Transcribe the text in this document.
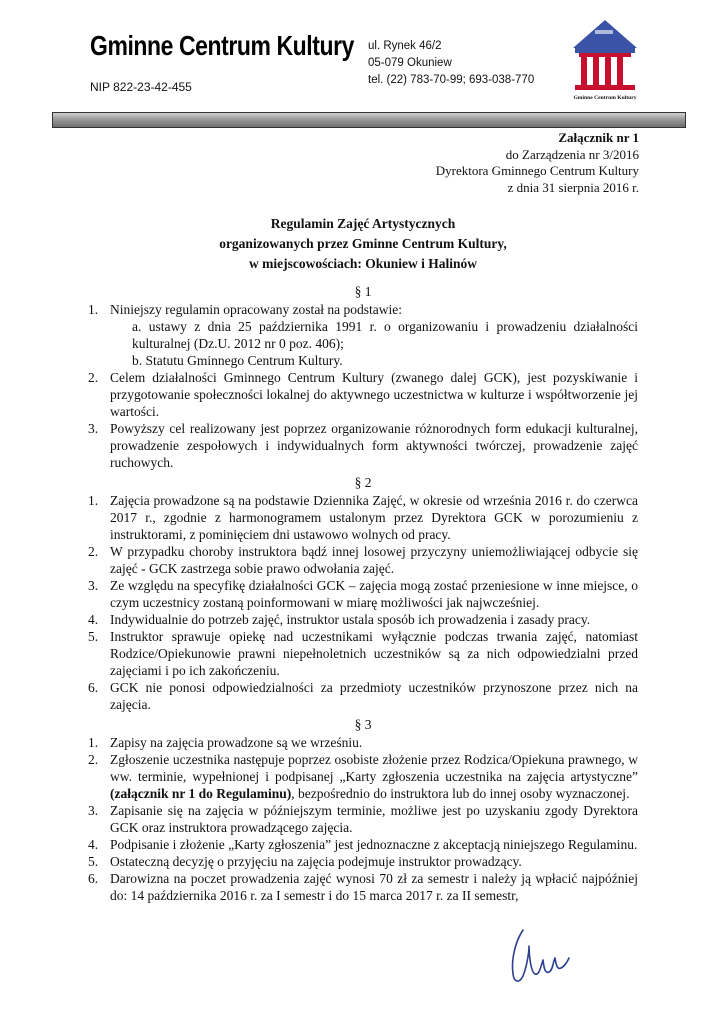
Gminne Centrum Kultury
NIP 822-23-42-455
ul. Rynek 46/2
05-079 Okuniew
tel. (22) 783-70-99; 693-038-770
Gminne Centrum Kultury
Załącznik nr 1
do Zarządzenia nr 3/2016
Dyrektora Gminnego Centrum Kultury
z dnia 31 sierpnia 2016 r.
Regulamin Zajęć Artystycznych
organizowanych przez Gminne Centrum Kultury,
w miejscowościach: Okuniew i Halinów
§ 1
1. Niniejszy regulamin opracowany został na podstawie:
a. ustawy z dnia 25 października 1991 r. o organizowaniu i prowadzeniu działalności kulturalnej (Dz.U. 2012 nr 0 poz. 406);
b. Statutu Gminnego Centrum Kultury.
2. Celem działalności Gminnego Centrum Kultury (zwanego dalej GCK), jest pozyskiwanie i przygotowanie społeczności lokalnej do aktywnego uczestnictwa w kulturze i współtworzenie jej wartości.
3. Powyższy cel realizowany jest poprzez organizowanie różnorodnych form edukacji kulturalnej, prowadzenie zespołowych i indywidualnych form aktywności twórczej, prowadzenie zajęć ruchowych.
§ 2
1. Zajęcia prowadzone są na podstawie Dziennika Zajęć, w okresie od września 2016 r. do czerwca 2017 r., zgodnie z harmonogramem ustalonym przez Dyrektora GCK w porozumieniu z instruktorami, z pominięciem dni ustawowo wolnych od pracy.
2. W przypadku choroby instruktora bądź innej losowej przyczyny uniemożliwiającej odbycie się zajęć - GCK zastrzega sobie prawo odwołania zajęć.
3. Ze względu na specyfikę działalności GCK – zajęcia mogą zostać przeniesione w inne miejsce, o czym uczestnicy zostaną poinformowani w miarę możliwości jak najwcześniej.
4. Indywidualnie do potrzeb zajęć, instruktor ustala sposób ich prowadzenia i zasady pracy.
5. Instruktor sprawuje opiekę nad uczestnikami wyłącznie podczas trwania zajęć, natomiast Rodzice/Opiekunowie prawni niepełnoletnich uczestników są za nich odpowiedzialni przed zajęciami i po ich zakończeniu.
6. GCK nie ponosi odpowiedzialności za przedmioty uczestników przynoszone przez nich na zajęcia.
§ 3
1. Zapisy na zajęcia prowadzone są we wrześniu.
2. Zgłoszenie uczestnika następuje poprzez osobiste złożenie przez Rodzica/Opiekuna prawnego, w ww. terminie, wypełnionej i podpisanej „Karty zgłoszenia uczestnika na zajęcia artystyczne” (załącznik nr 1 do Regulaminu), bezpośrednio do instruktora lub do innej osoby wyznaczonej.
3. Zapisanie się na zajęcia w późniejszym terminie, możliwe jest po uzyskaniu zgody Dyrektora GCK oraz instruktora prowadzącego zajęcia.
4. Podpisanie i złożenie „Karty zgłoszenia” jest jednoznaczne z akceptacją niniejszego Regulaminu.
5. Ostateczną decyzję o przyjęciu na zajęcia podejmuje instruktor prowadzący.
6. Darowizna na poczet prowadzenia zajęć wynosi 70 zł za semestr i należy ją wpłacić najpóźniej do: 14 października 2016 r. za I semestr i do 15 marca 2017 r. za II semestr,
